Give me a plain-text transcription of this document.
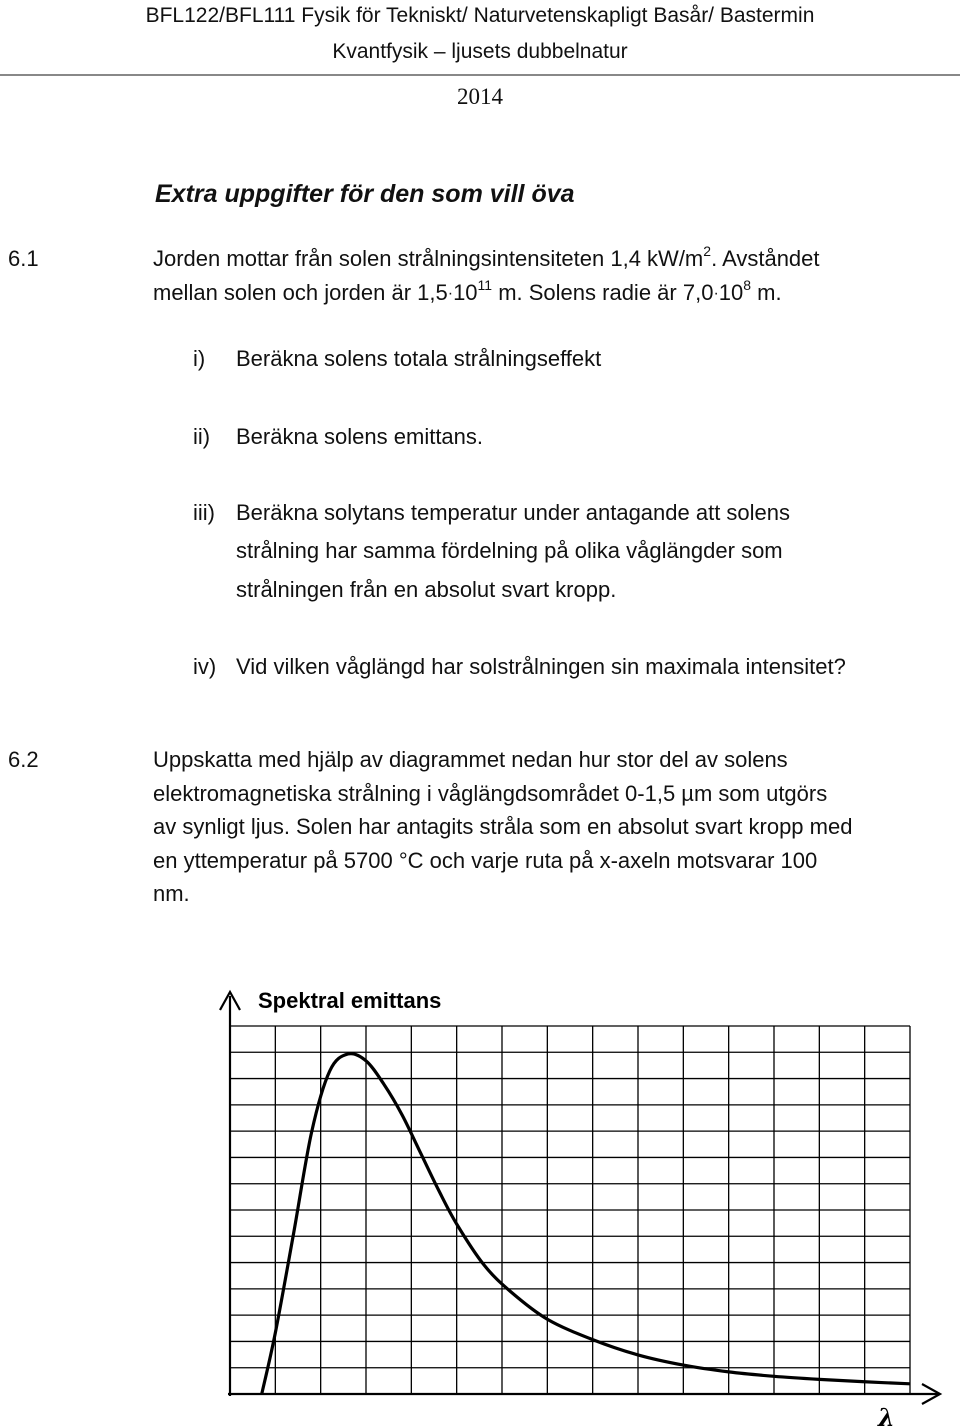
BFL122/BFL111 Fysik för Tekniskt/ Naturvetenskapligt Basår/ Bastermin
Kvantfysik – ljusets dubbelnatur
2014
Extra uppgifter för den som vill öva
6.1	Jorden mottar från solen strålningsintensiteten 1,4 $kW/m^2$. Avståndet
mellan solen och jorden är $1,5\cdot 10^{11}$ m. Solens radie är $7,0\cdot 10^8$ m.
i) Beräkna solens totala strålningseffekt
ii) Beräkna solens emittans.
iii) Beräkna solytans temperatur under antagande att solens
strålning har samma fördelning på olika våglängder som
strålningen från en absolut svart kropp.
iv) Vid vilken våglängd har solstrålningen sin maximala intensitet?
6.2	Uppskatta med hjälp av diagrammet nedan hur stor del av solens
elektromagnetiska strålning i våglängdsområdet 0-1,5 µm som utgörs
av synligt ljus. Solen har antagits stråla som en absolut svart kropp med
en yttemperatur på 5700 °C och varje ruta på x-axeln motsvarar 100
nm.
Spektral emittans
λ
